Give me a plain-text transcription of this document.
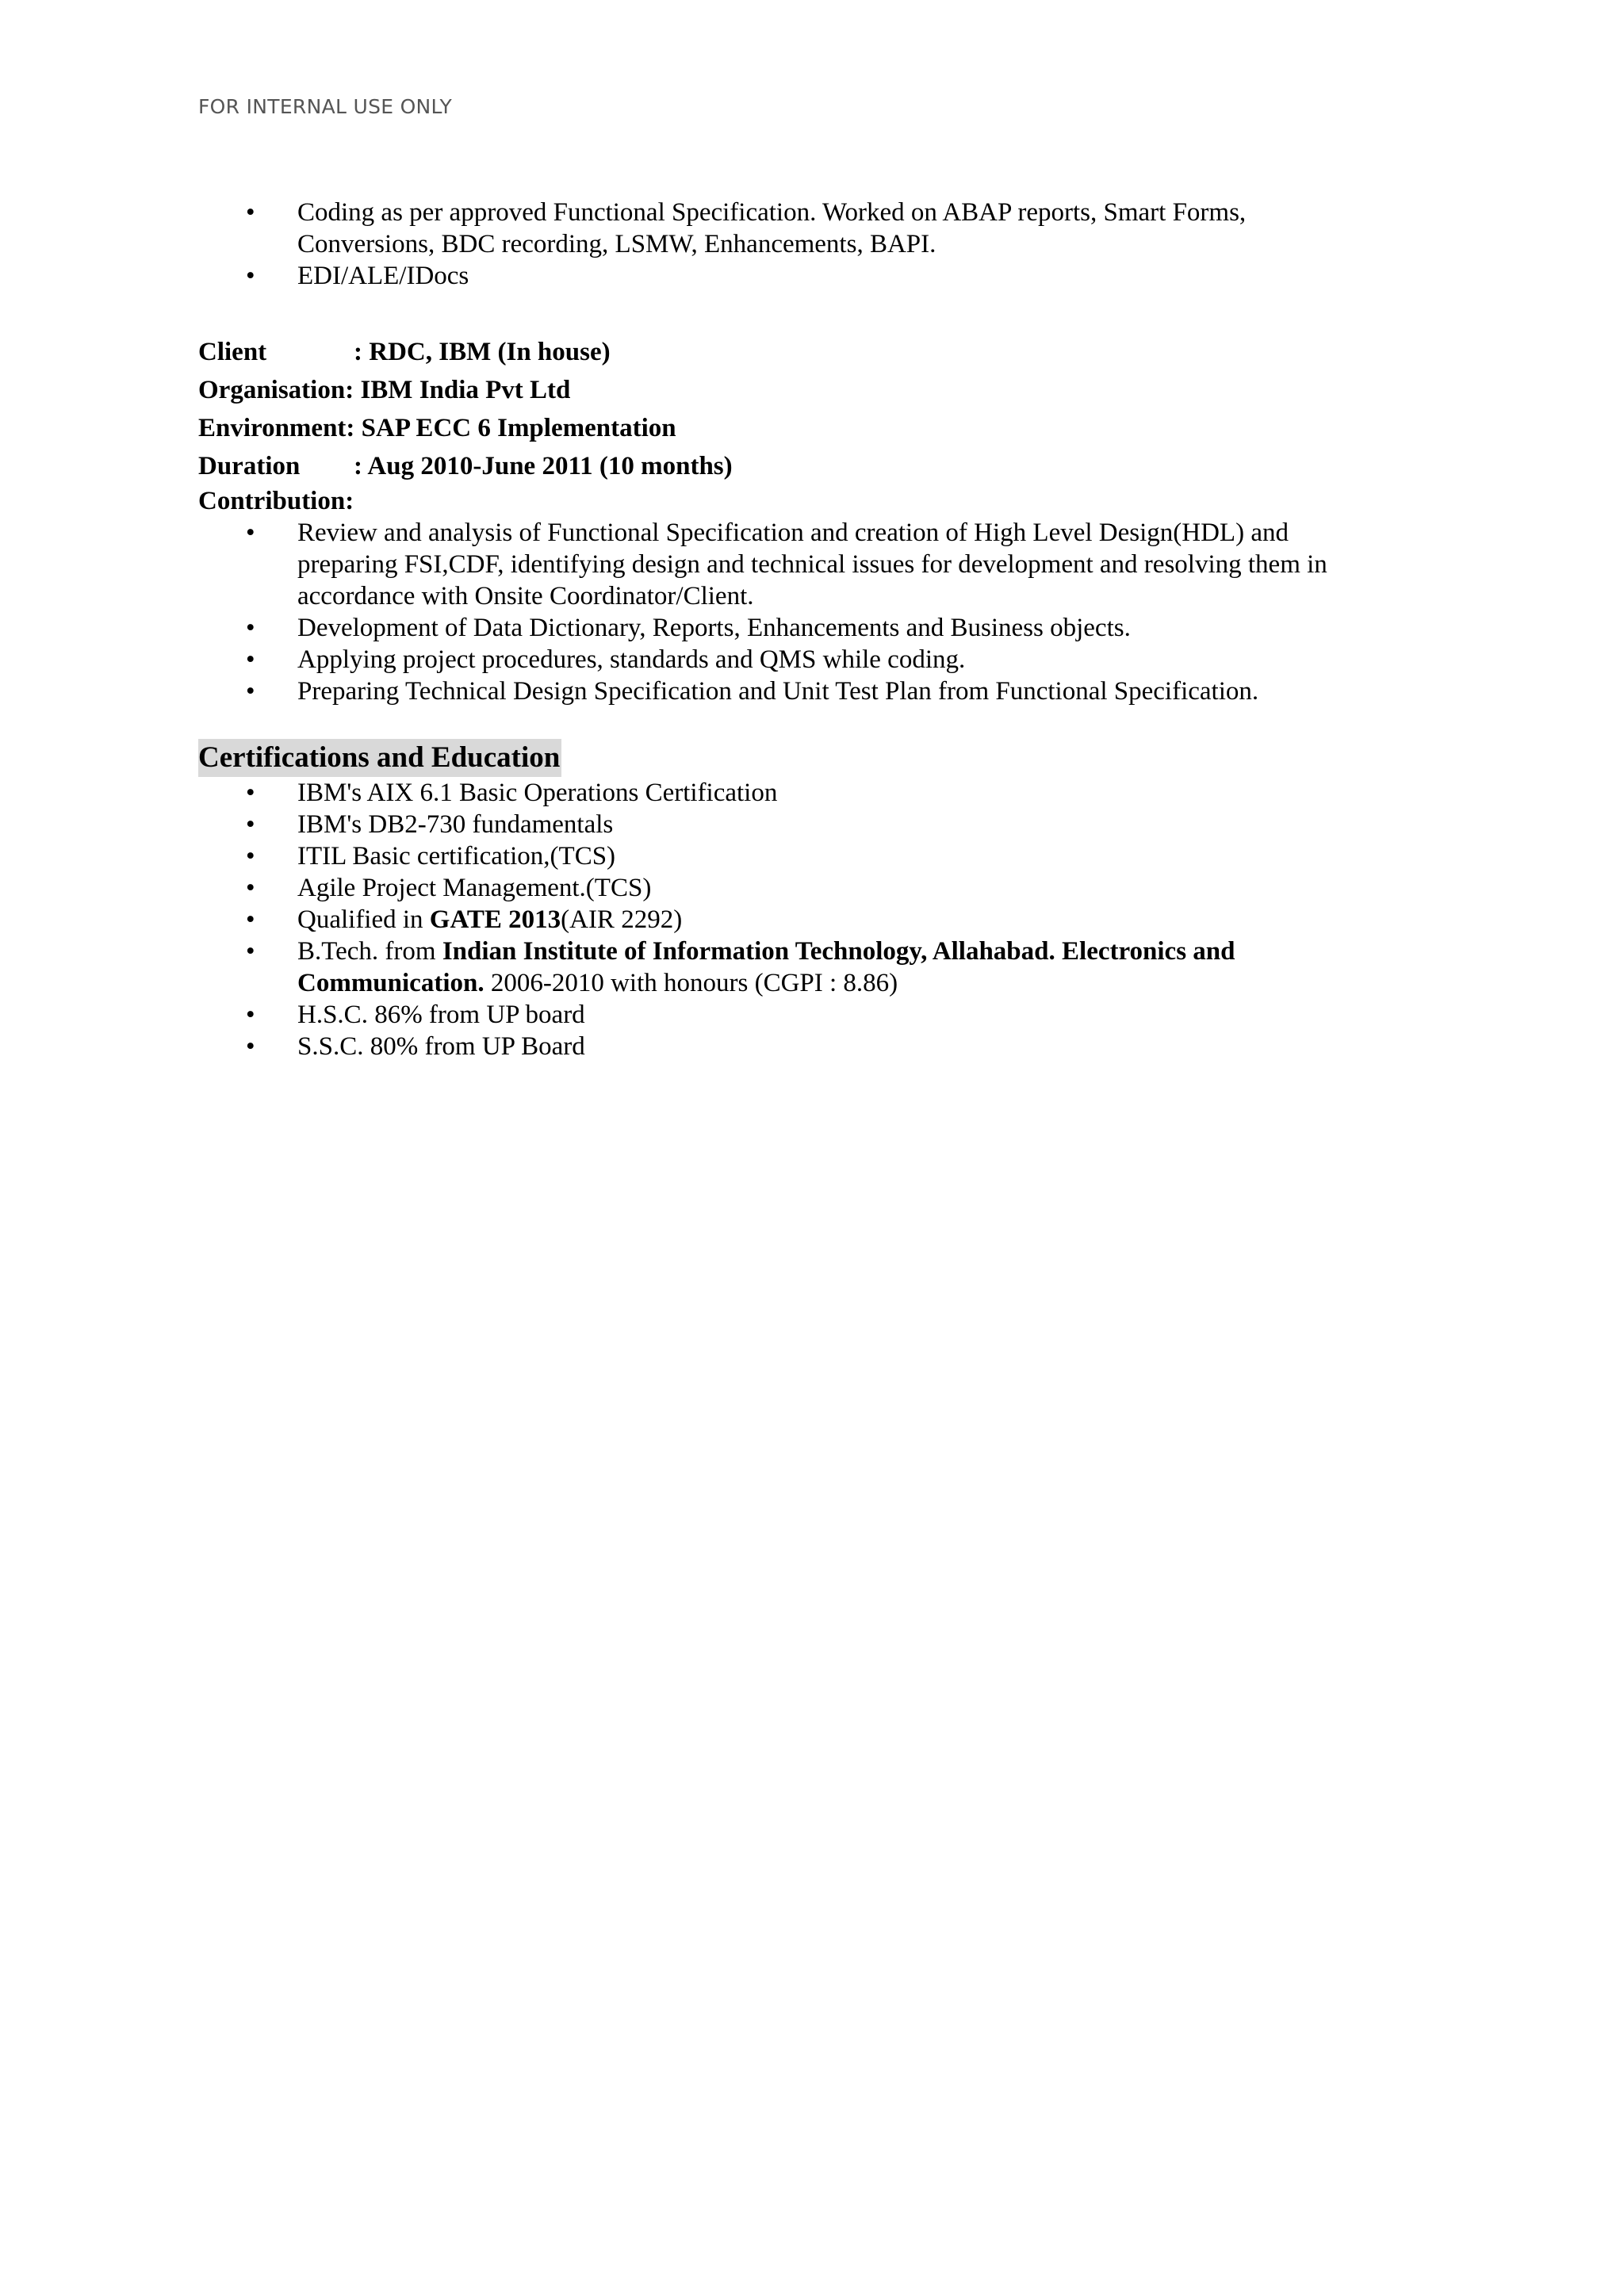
FOR INTERNAL USE ONLY
• Coding as per approved Functional Specification. Worked on ABAP reports, Smart Forms,
Conversions, BDC recording, LSMW, Enhancements, BAPI.
• EDI/ALE/IDocs
Client	: RDC, IBM (In house)
Organisation: IBM India Pvt Ltd
Environment: SAP ECC 6 Implementation
Duration : Aug 2010-June 2011 (10 months)
Contribution:
• Review and analysis of Functional Specification and creation of High Level Design(HDL) and
preparing FSI,CDF, identifying design and technical issues for development and resolving them in
accordance with Onsite Coordinator/Client.
• Development of Data Dictionary, Reports, Enhancements and Business objects.
• Applying project procedures, standards and QMS while coding.
• Preparing Technical Design Specification and Unit Test Plan from Functional Specification.
Certifications and Education
• IBM's AIX 6.1 Basic Operations Certification
• IBM's DB2-730 fundamentals
• ITIL Basic certification,(TCS)
• Agile Project Management.(TCS)
• Qualified in GATE 2013(AIR 2292)
• B.Tech. from Indian Institute of Information Technology, Allahabad. Electronics and
Communication. 2006-2010 with honours (CGPI : 8.86)
• H.S.C. 86% from UP board
• S.S.C. 80% from UP Board
